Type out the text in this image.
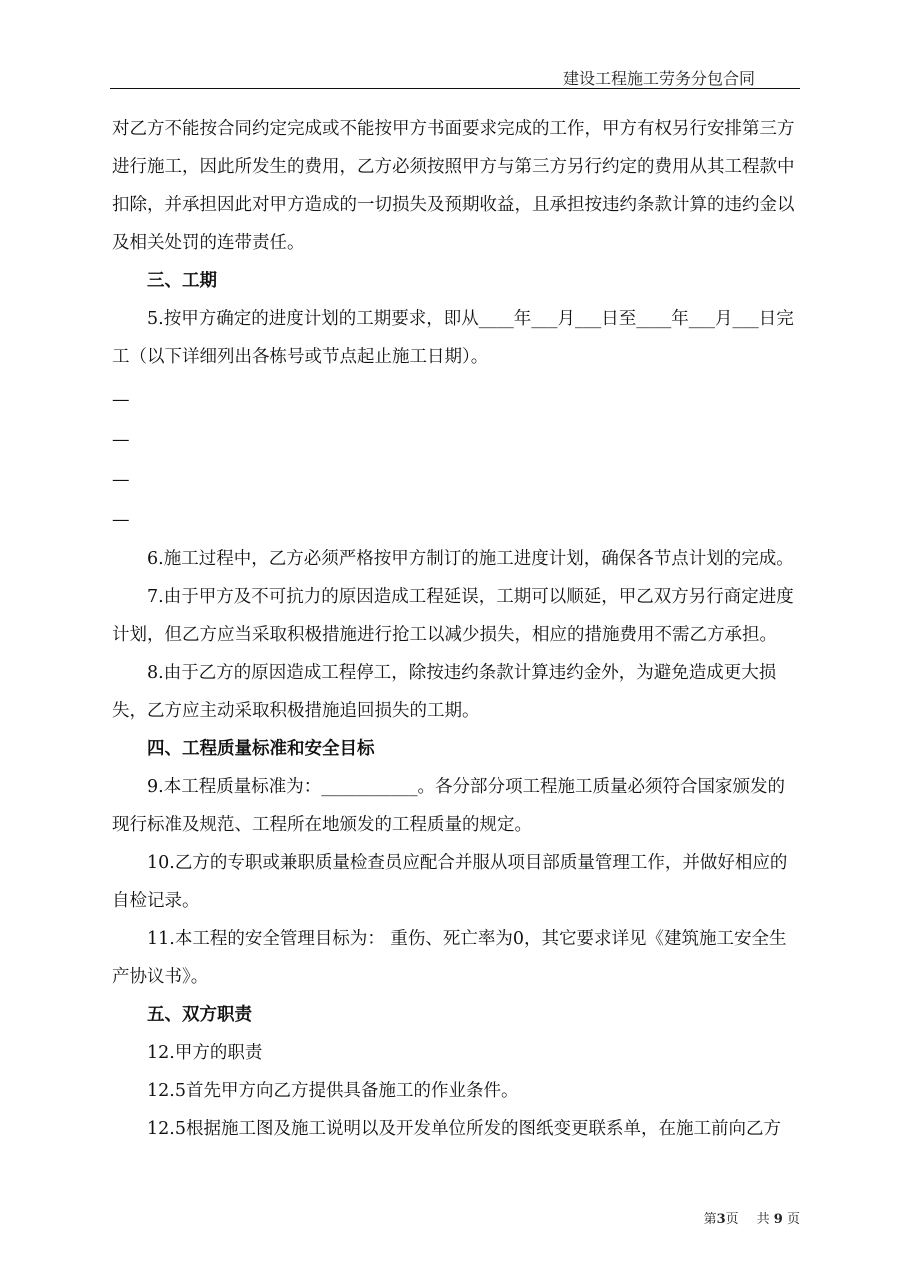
建设工程施工劳务分包合同

对乙方不能按合同约定完成或不能按甲方书面要求完成的工作，甲方有权另行安排第三方进行施工，因此所发生的费用，乙方必须按照甲方与第三方另行约定的费用从其工程款中扣除，并承担因此对甲方造成的一切损失及预期收益，且承担按违约条款计算的违约金以及相关处罚的连带责任。

三、工期

5.按甲方确定的进度计划的工期要求，即从____年___月___日至____年___月___日完工（以下详细列出各栋号或节点起止施工日期）。

—

—

—

—

6.施工过程中，乙方必须严格按甲方制订的施工进度计划，确保各节点计划的完成。

7.由于甲方及不可抗力的原因造成工程延误，工期可以顺延，甲乙双方另行商定进度计划，但乙方应当采取积极措施进行抢工以减少损失，相应的措施费用不需乙方承担。

8.由于乙方的原因造成工程停工，除按违约条款计算违约金外，为避免造成更大损失，乙方应主动采取积极措施追回损失的工期。

四、工程质量标准和安全目标

9.本工程质量标准为：___________。各分部分项工程施工质量必须符合国家颁发的现行标准及规范、工程所在地颁发的工程质量的规定。

10.乙方的专职或兼职质量检查员应配合并服从项目部质量管理工作，并做好相应的自检记录。

11.本工程的安全管理目标为： 重伤、死亡率为0，其它要求详见《建筑施工安全生产协议书》。

五、双方职责

12.甲方的职责

12.5首先甲方向乙方提供具备施工的作业条件。

12.5根据施工图及施工说明以及开发单位所发的图纸变更联系单，在施工前向乙方

第3页 共 9 页
